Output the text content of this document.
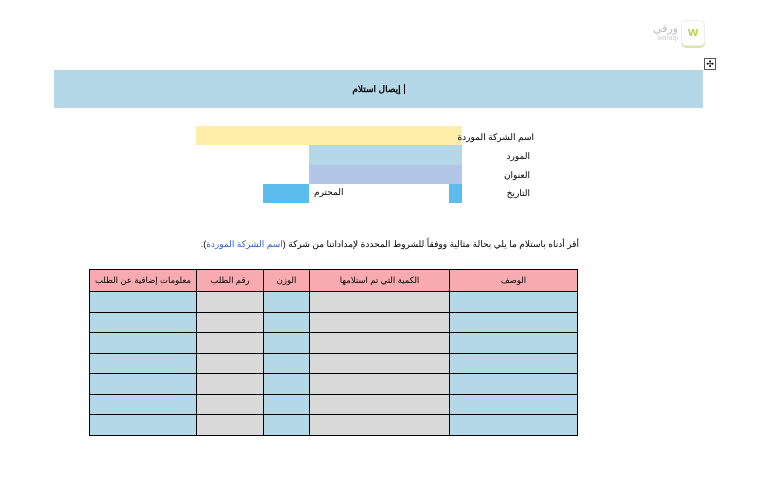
ورقي
waraqi w
✣
إيصال استلام
اسم الشركة الموردة
المورد
العنوان
التاريخ
المحترم
أقر أدناه باستلام ما يلي بحالة مثالية ووفقاً للشروط المحددة لإمداداتنا من شركة (اسم الشركة الموردة).
الوصف	الكمية التي تم استلامها	الوزن	رقم الطلب	معلومات إضافية عن الطلب
